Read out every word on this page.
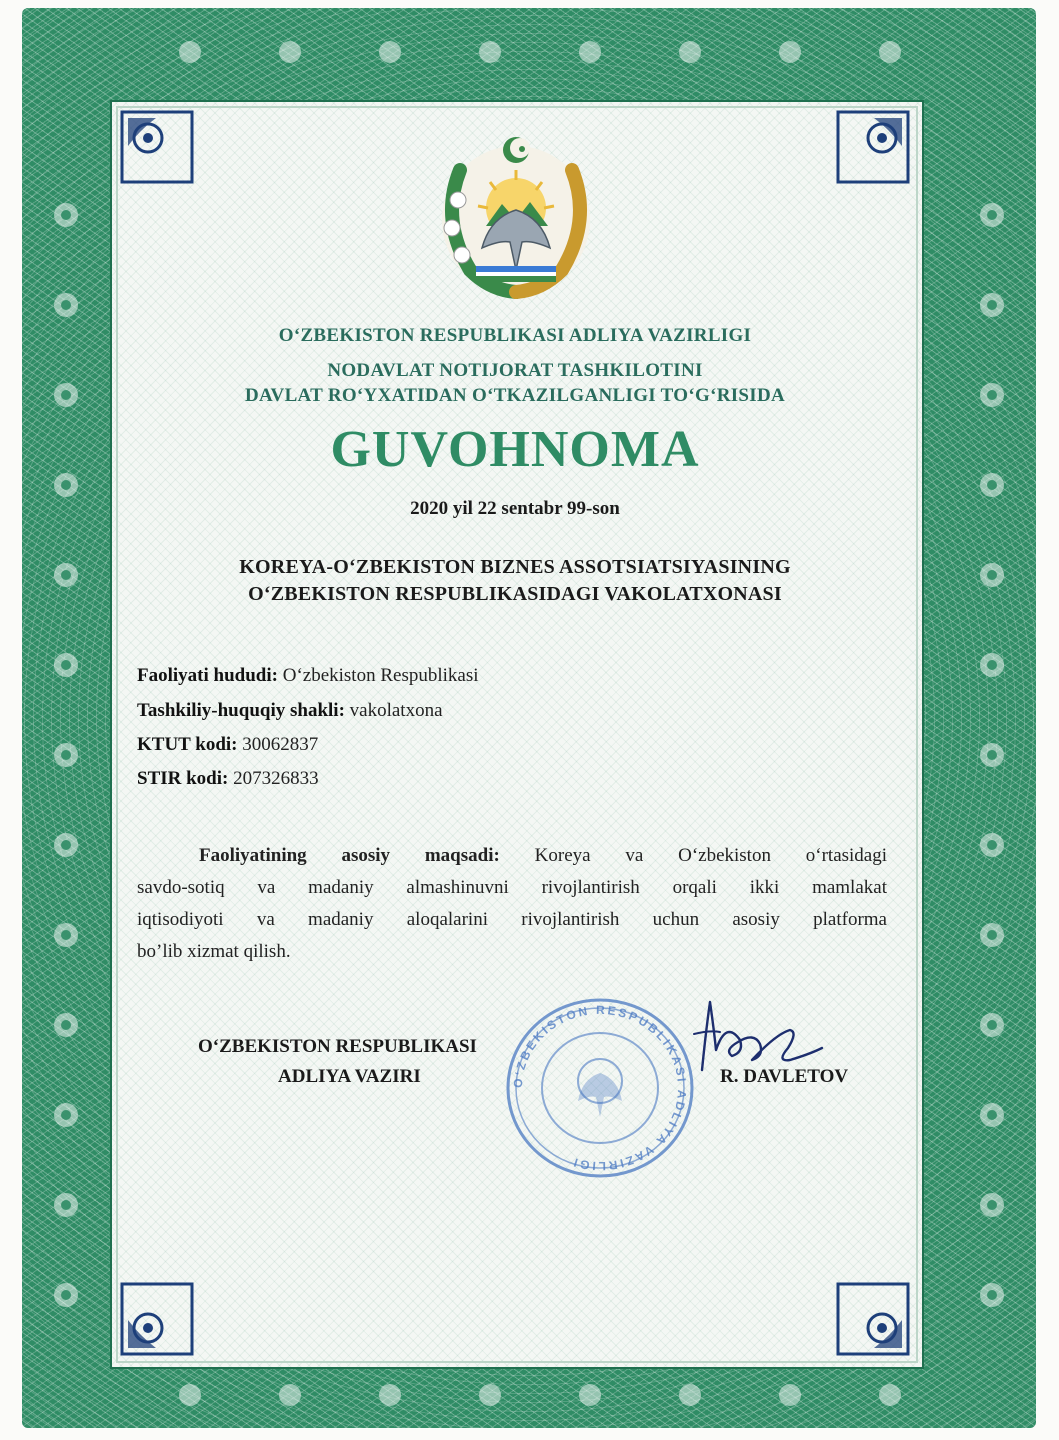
O‘ZBEKISTON RESPUBLIKASI ADLIYA VAZIRLIGI
NODAVLAT NOTIJORAT TASHKILOTINI
DAVLAT RO‘YXATIDAN O‘TKAZILGANLIGI TO‘G‘RISIDA
GUVOHNOMA
2020 yil 22 sentabr 99-son
KOREYA-O‘ZBEKISTON BIZNES ASSOTSIATSIYASINING
O‘ZBEKISTON RESPUBLIKASIDAGI VAKOLATXONASI
Faoliyati hududi: O‘zbekiston Respublikasi
Tashkiliy-huquqiy shakli: vakolatxona
KTUT kodi: 30062837
STIR kodi: 207326833
Faoliyatining asosiy maqsadi: Koreya va O‘zbekiston o‘rtasidagi
savdo-sotiq va madaniy almashinuvni rivojlantirish orqali ikki mamlakat
iqtisodiyoti va madaniy aloqalarini rivojlantirish uchun asosiy platforma
bo’lib xizmat qilish.
O‘ZBEKISTON RESPUBLIKASI ADLIYA VAZIRLIGI
O‘ZBEKISTON RESPUBLIKASI
ADLIYA VAZIRI	R. DAVLETOV
